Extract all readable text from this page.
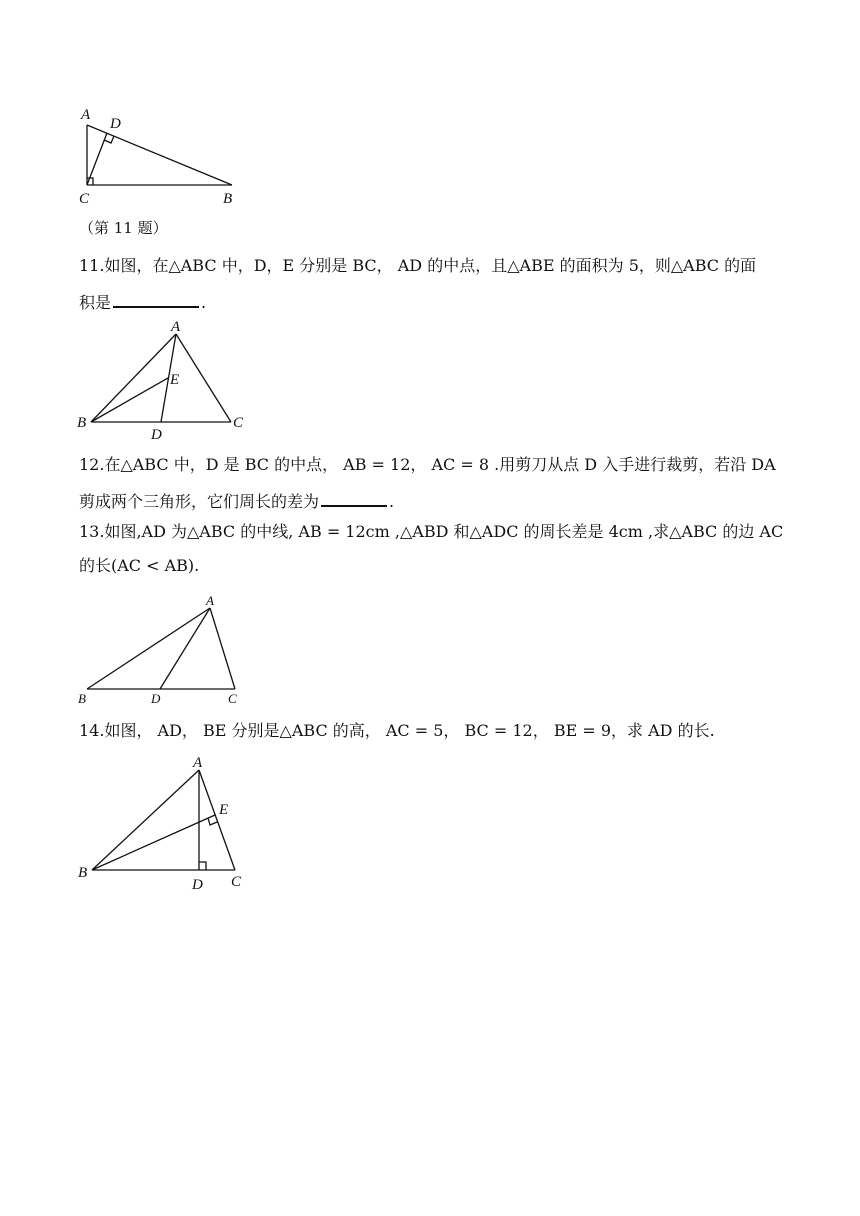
A
D
C	B
（第 11 题）
11.如图，在△ABC 中，D，E 分别是 BC， AD 的中点，且△ABE 的面积为 5，则△ABC 的面
积是	.
A
E
B
D
C
12.在△ABC 中，D 是 BC 的中点， AB = 12， AC = 8 .用剪刀从点 D 入手进行裁剪，若沿 DA
剪成两个三角形，它们周长的差为	.
13.如图,AD 为△ABC 的中线, AB = 12cm ,△ABD 和△ADC 的周长差是 4cm ,求△ABC 的边 AC
的长(AC < AB).
A
B	D	C
14.如图， AD， BE 分别是△ABC 的高， AC = 5， BC = 12， BE = 9，求 AD 的长.
A
E
B
D C
